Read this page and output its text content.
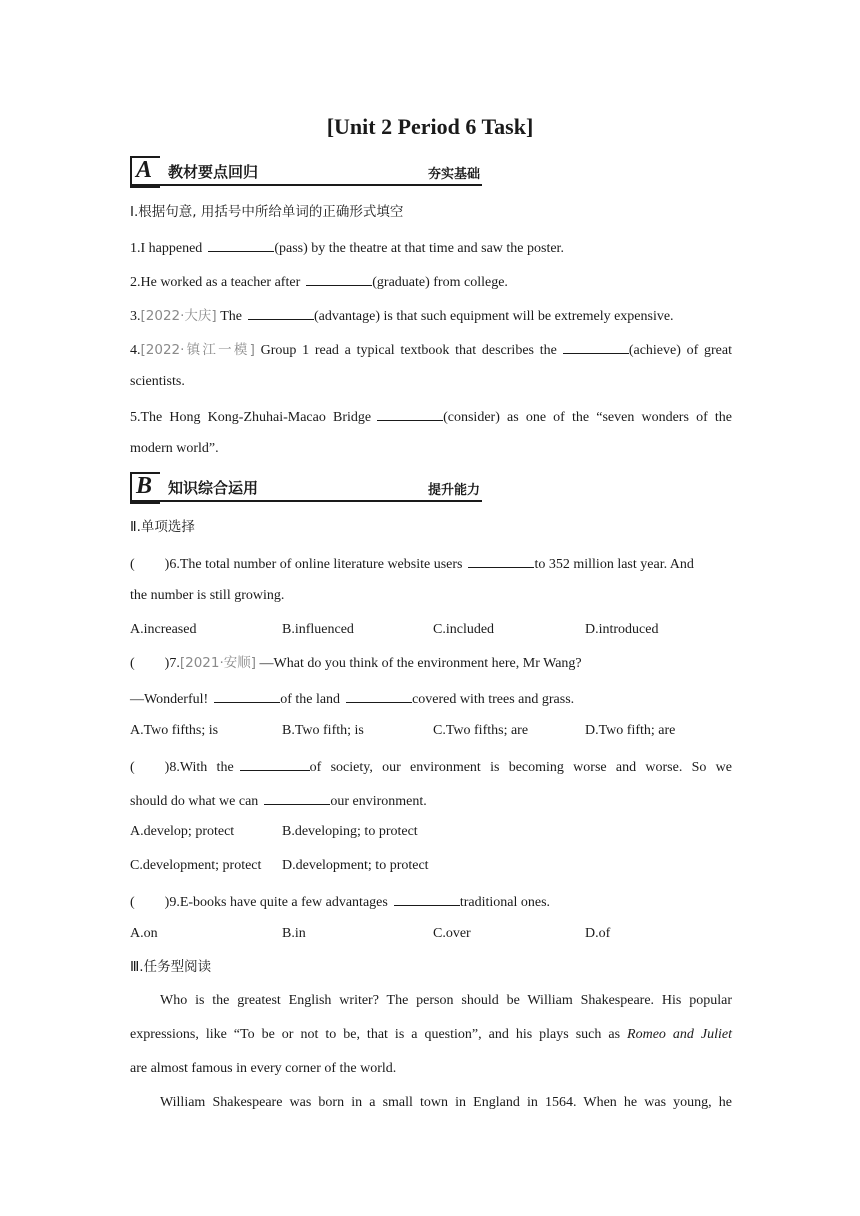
[Unit 2 Period 6 Task]
A 教材要点回归	夯实基础
Ⅰ.根据句意, 用括号中所给单词的正确形式填空
1.I happened	(pass) by the theatre at that time and saw the poster.
2.He worked as a teacher after	(graduate) from college.
3.[2022·大庆] The	(advantage) is that such equipment will be extremely expensive.
4.[2022·镇江一模] Group 1 read a typical textbook that describes the	(achieve) of great
scientists.
5.The Hong Kong-Zhuhai-Macao Bridge	(consider) as one of the “seven wonders of the
modern world”.
B 知识综合运用	提升能力
Ⅱ.单项选择
( )6.The total number of online literature website users	to 352 million last year. And
the number is still growing.
A.increased	B.influenced	C.included	D.introduced
( )7.[2021·安顺] —What do you think of the environment here, Mr Wang?
—Wonderful!	of the land	covered with trees and grass.
A.Two fifths; is	B.Two fifth; is	C.Two fifths; are	D.Two fifth; are
( )8.With the	of society, our environment is becoming worse and worse. So we
should do what we can	our environment.
A.develop; protect	B.developing; to protect
C.development; protect D.development; to protect
( )9.E-books have quite a few advantages	traditional ones.
A.on	B.in	C.over	D.of
Ⅲ.任务型阅读
Who is the greatest English writer? The person should be William Shakespeare. His popular
expressions, like “To be or not to be, that is a question”, and his plays such as Romeo and Juliet
are almost famous in every corner of the world.
William Shakespeare was born in a small town in England in 1564. When he was young, he
